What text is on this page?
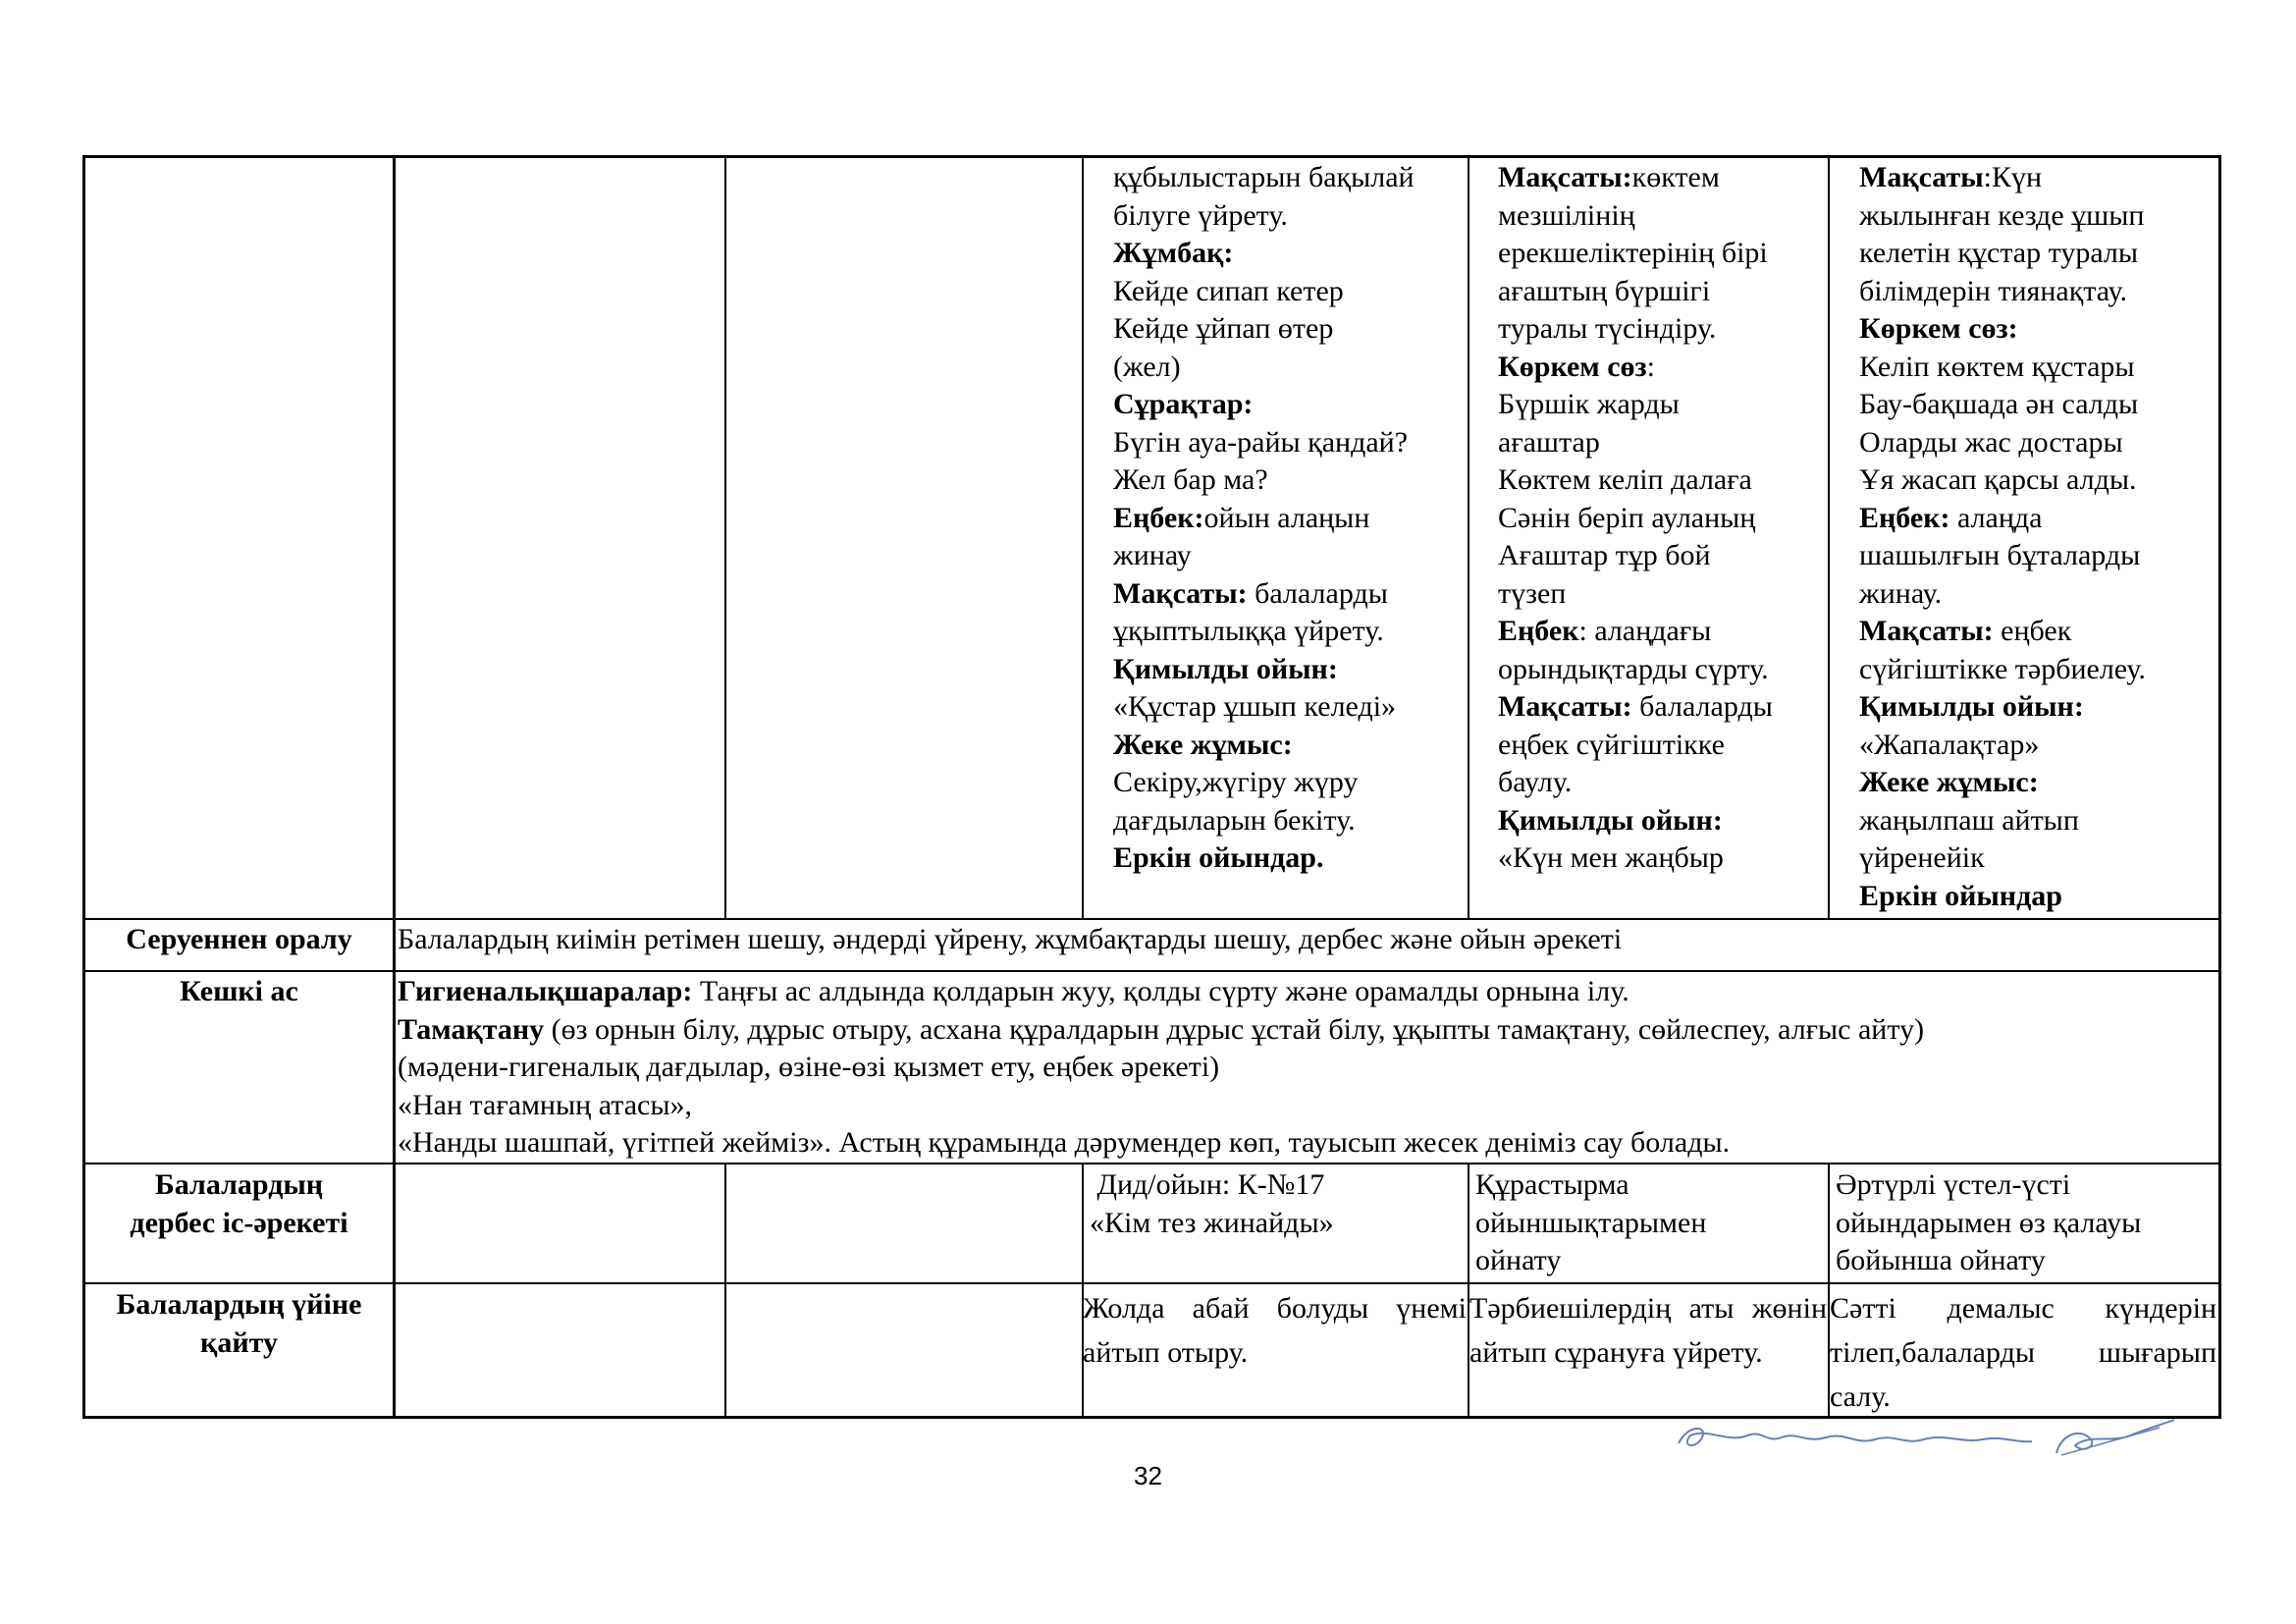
құбылыстарын бақылай
білуге үйрету.
Жұмбақ:
Кейде сипап кетер
Кейде ұйпап өтер
(жел)
Сұрақтар:
Бүгін ауа-райы қандай?
Жел бар ма?
Еңбек:ойын алаңын
жинау
Мақсаты: балаларды
ұқыптылыққа үйрету.
Қимылды ойын:
«Құстар ұшып келеді»
Жеке жұмыс:
Секіру,жүгіру жүру
дағдыларын бекіту.
Еркін ойындар.
Мақсаты:көктем
мезшілінің
ерекшеліктерінің бірі
ағаштың бүршігі
туралы түсіндіру.
Көркем сөз:
Бүршік жарды
ағаштар
Көктем келіп далаға
Сәнін беріп ауланың
Ағаштар тұр бой
түзеп
Еңбек: алаңдағы
орындықтарды сүрту.
Мақсаты: балаларды
еңбек сүйгіштікке
баулу.
Қимылды ойын:
«Күн мен жаңбыр
Мақсаты:Күн
жылынған кезде ұшып
келетін құстар туралы
білімдерін тиянақтау.
Көркем сөз:
Келіп көктем құстары
Бау-бақшада ән салды
Оларды жас достары
Ұя жасап қарсы алды.
Еңбек: алаңда
шашылғын бұталарды
жинау.
Мақсаты: еңбек
сүйгіштікке тәрбиелеу.
Қимылды ойын:
«Жапалақтар»
Жеке жұмыс:
жаңылпаш айтып
үйренейік
Еркін ойындар
Серуеннен оралу	Балалардың киімін ретімен шешу, әндерді үйрену, жұмбақтарды шешу, дербес және ойын әрекеті
Кешкі ас	Гигиеналықшаралар: Таңғы ас алдында қолдарын жуу, қолды сүрту және орамалды орнына ілу.
Тамақтану (өз орнын білу, дұрыс отыру, асхана құралдарын дұрыс ұстай білу, ұқыпты тамақтану, сөйлеспеу, алғыс айту)
(мәдени-гигеналық дағдылар, өзіне-өзі қызмет ету, еңбек әрекеті)
«Нан тағамның атасы»,
«Нанды шашпай, үгітпей жейміз». Астың құрамында дәрумендер көп, тауысып жесек деніміз сау болады.
Балалардың
дербес іс-әрекеті
Дид/ойын: К-№17
«Кім тез жинайды»
Құрастырма
ойыншықтарымен
ойнату
Әртүрлі үстел-үсті
ойындарымен өз қалауы
бойынша ойнату
Балалардың үйіне
қайту
Жолда абай болуды үнемі айтып отыру.
Тәрбиешілердің аты жөнін айтып сұрануға үйрету.
Сәтті демалыс күндерін тілеп,балаларды шығарып салу.
32
